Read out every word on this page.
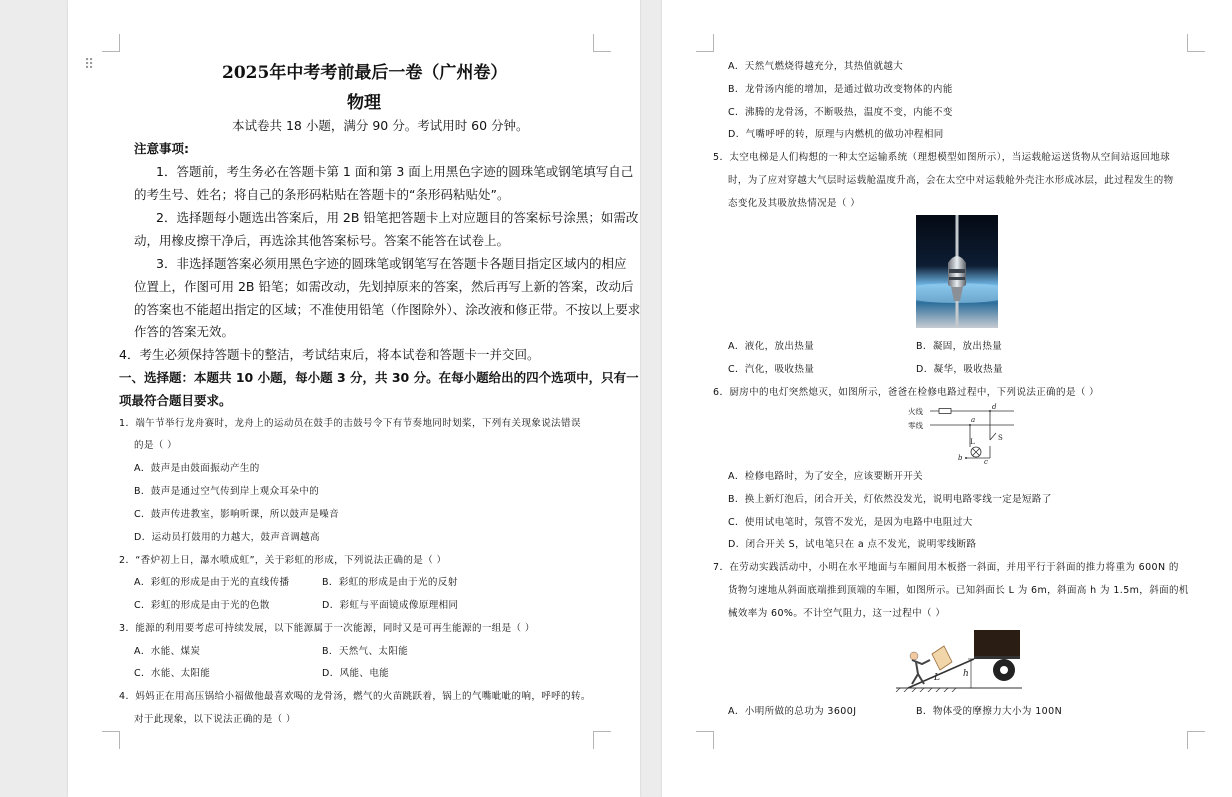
2025年中考考前最后一卷（广州卷）
物理
本试卷共 18 小题，满分 90 分。考试用时 60 分钟。
注意事项:
1．答题前，考生务必在答题卡第 1 面和第 3 面上用黑色字迹的圆珠笔或钢笔填写自己
的考生号、姓名；将自己的条形码粘贴在答题卡的“条形码粘贴处”。
2．选择题每小题选出答案后，用 2B 铅笔把答题卡上对应题目的答案标号涂黑；如需改
动，用橡皮擦干净后，再选涂其他答案标号。答案不能答在试卷上。
3．非选择题答案必须用黑色字迹的圆珠笔或钢笔写在答题卡各题目指定区域内的相应
位置上，作图可用 2B 铅笔；如需改动，先划掉原来的答案，然后再写上新的答案，改动后
的答案也不能超出指定的区域；不准使用铅笔（作图除外）、涂改液和修正带。不按以上要求
作答的答案无效。
4．考生必须保持答题卡的整洁，考试结束后，将本试卷和答题卡一并交回。
一、选择题：本题共 10 小题，每小题 3 分，共 30 分。在每小题给出的四个选项中，只有一
项最符合题目要求。
1．端午节举行龙舟赛时，龙舟上的运动员在鼓手的击鼓号令下有节奏地同时划桨，下列有关现象说法错误
的是（ ）
A．鼓声是由鼓面振动产生的
B．鼓声是通过空气传到岸上观众耳朵中的
C．鼓声传进教室，影响听课，所以鼓声是噪音
D．运动员打鼓用的力越大，鼓声音调越高
2．“香炉初上日，瀑水喷成虹”，关于彩虹的形成，下列说法正确的是（ ）
A．彩虹的形成是由于光的直线传播	B．彩虹的形成是由于光的反射
C．彩虹的形成是由于光的色散	D．彩虹与平面镜成像原理相同
3．能源的利用要考虑可持续发展，以下能源属于一次能源，同时又是可再生能源的一组是（ ）
A．水能、煤炭	B．天然气、太阳能
C．水能、太阳能	D．风能、电能
4．妈妈正在用高压锅给小福做他最喜欢喝的龙骨汤，燃气的火苗跳跃着，锅上的气嘴呲呲的响，呼呼的转。
对于此现象，以下说法正确的是（ ）
⠿	A．天然气燃烧得越充分，其热值就越大
B．龙骨汤内能的增加，是通过做功改变物体的内能
C．沸腾的龙骨汤，不断吸热，温度不变，内能不变
D．气嘴呼呼的转，原理与内燃机的做功冲程相同
5．太空电梯是人们构想的一种太空运输系统（理想模型如图所示），当运载舱运送货物从空间站返回地球
时，为了应对穿越大气层时运载舱温度升高，会在太空中对运载舱外壳注水形成冰层，此过程发生的物
态变化及其吸放热情况是（ ）
A．液化，放出热量	B．凝固，放出热量
C．汽化，吸收热量	D．凝华，吸收热量
6．厨房中的电灯突然熄灭，如图所示，爸爸在检修电路过程中，下列说法正确的是（ ）
火线
零线
a
b	c
d
L	S
A．检修电路时，为了安全，应该要断开开关
B．换上新灯泡后，闭合开关，灯依然没发光，说明电路零线一定是短路了
C．使用试电笔时，氖管不发光，是因为电路中电阻过大
D．闭合开关 S，试电笔只在 a 点不发光，说明零线断路
7．在劳动实践活动中，小明在水平地面与车厢间用木板搭一斜面，并用平行于斜面的推力将重为 600N 的
货物匀速地从斜面底端推到顶端的车厢，如图所示。已知斜面长 L 为 6m，斜面高 h 为 1.5m，斜面的机
械效率为 60%。不计空气阻力，这一过程中（ ）
h
L
A．小明所做的总功为 3600J	B．物体受的摩擦力大小为 100N
